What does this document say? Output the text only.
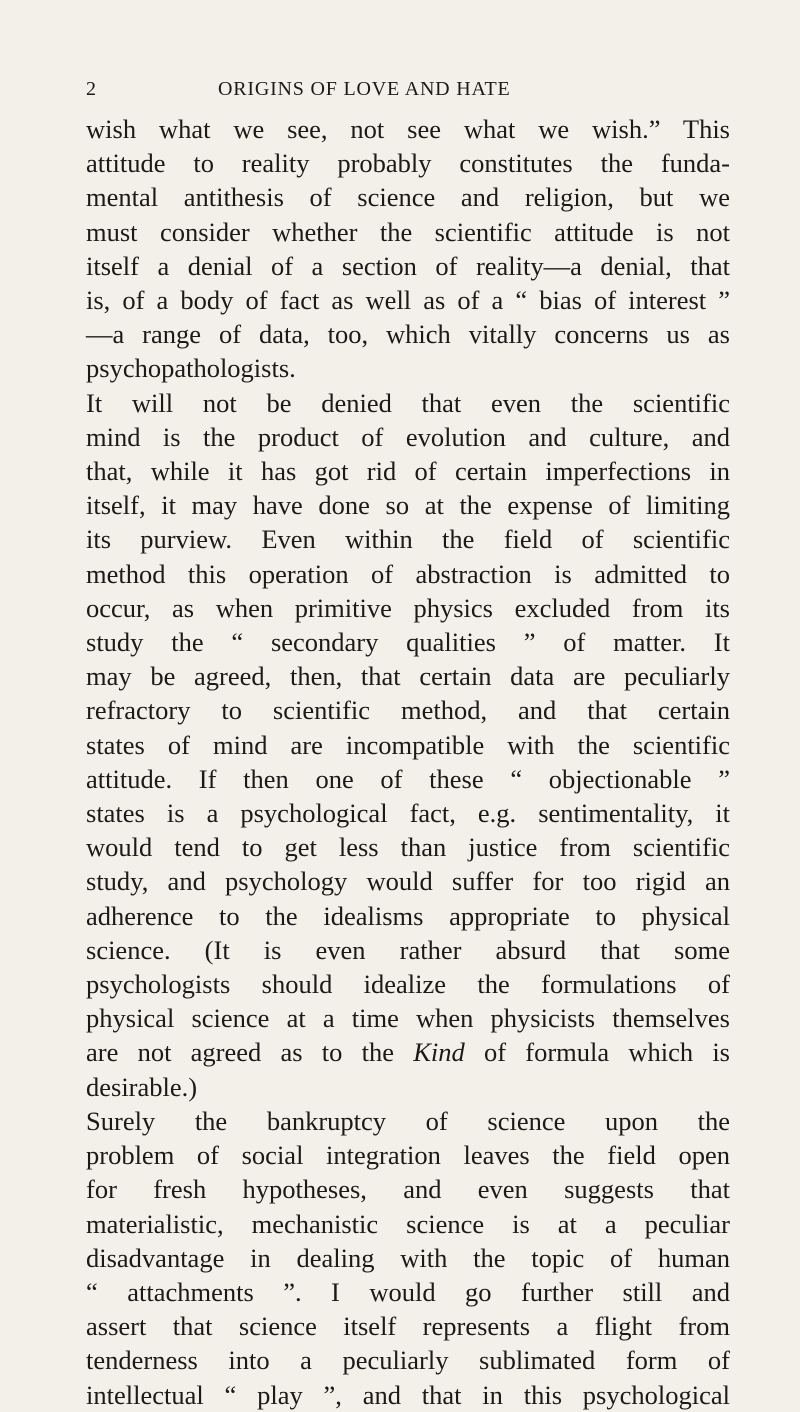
2	ORIGINS OF LOVE AND HATE

wish what we see, not see what we wish.” This
attitude to reality probably constitutes the funda-
mental antithesis of science and religion, but we
must consider whether the scientific attitude is not
itself a denial of a section of reality—a denial, that
is, of a body of fact as well as of a “ bias of interest ”
—a range of data, too, which vitally concerns us as
psychopathologists.

It will not be denied that even the scientific
mind is the product of evolution and culture, and
that, while it has got rid of certain imperfections in
itself, it may have done so at the expense of limiting
its purview. Even within the field of scientific
method this operation of abstraction is admitted to
occur, as when primitive physics excluded from its
study the “ secondary qualities ” of matter. It
may be agreed, then, that certain data are peculiarly
refractory to scientific method, and that certain
states of mind are incompatible with the scientific
attitude. If then one of these “ objectionable ”
states is a psychological fact, e.g. sentimentality, it
would tend to get less than justice from scientific
study, and psychology would suffer for too rigid an
adherence to the idealisms appropriate to physical
science. (It is even rather absurd that some
psychologists should idealize the formulations of
physical science at a time when physicists themselves
are not agreed as to the Kind of formula which is
desirable.)

Surely the bankruptcy of science upon the
problem of social integration leaves the field open
for fresh hypotheses, and even suggests that
materialistic, mechanistic science is at a peculiar
disadvantage in dealing with the topic of human
“ attachments ”. I would go further still and
assert that science itself represents a flight from
tenderness into a peculiarly sublimated form of
intellectual “ play ”, and that in this psychological
